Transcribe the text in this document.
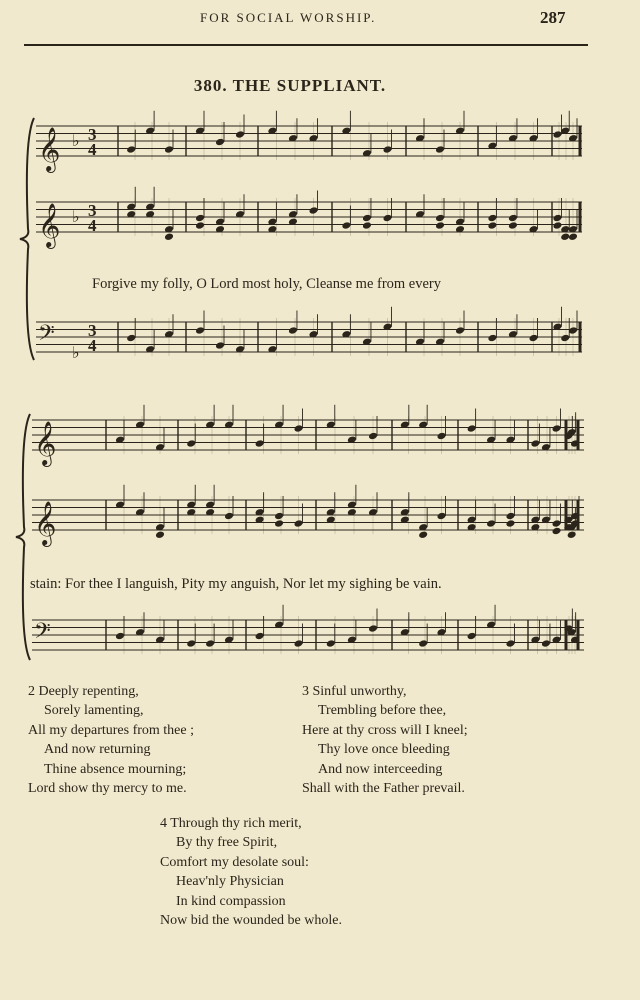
FOR SOCIAL WORSHIP.	287
380. THE SUPPLIANT.
𝄞 ♭ 3
4
𝄞 ♭ 3
4
𝄢
♭
3
4
𝄞
𝄞
𝄢
Forgive my folly, O Lord most holy, Cleanse me from every
stain: For thee I languish, Pity my anguish, Nor let my sighing be vain.
2 Deeply repenting,
Sorely lamenting,
All my departures from thee ;
And now returning
Thine absence mourning;
Lord show thy mercy to me.
3 Sinful unworthy,
Trembling before thee,
Here at thy cross will I kneel;
Thy love once bleeding
And now interceeding
Shall with the Father prevail.
4 Through thy rich merit,
By thy free Spirit,
Comfort my desolate soul:
Heav'nly Physician
In kind compassion
Now bid the wounded be whole.
